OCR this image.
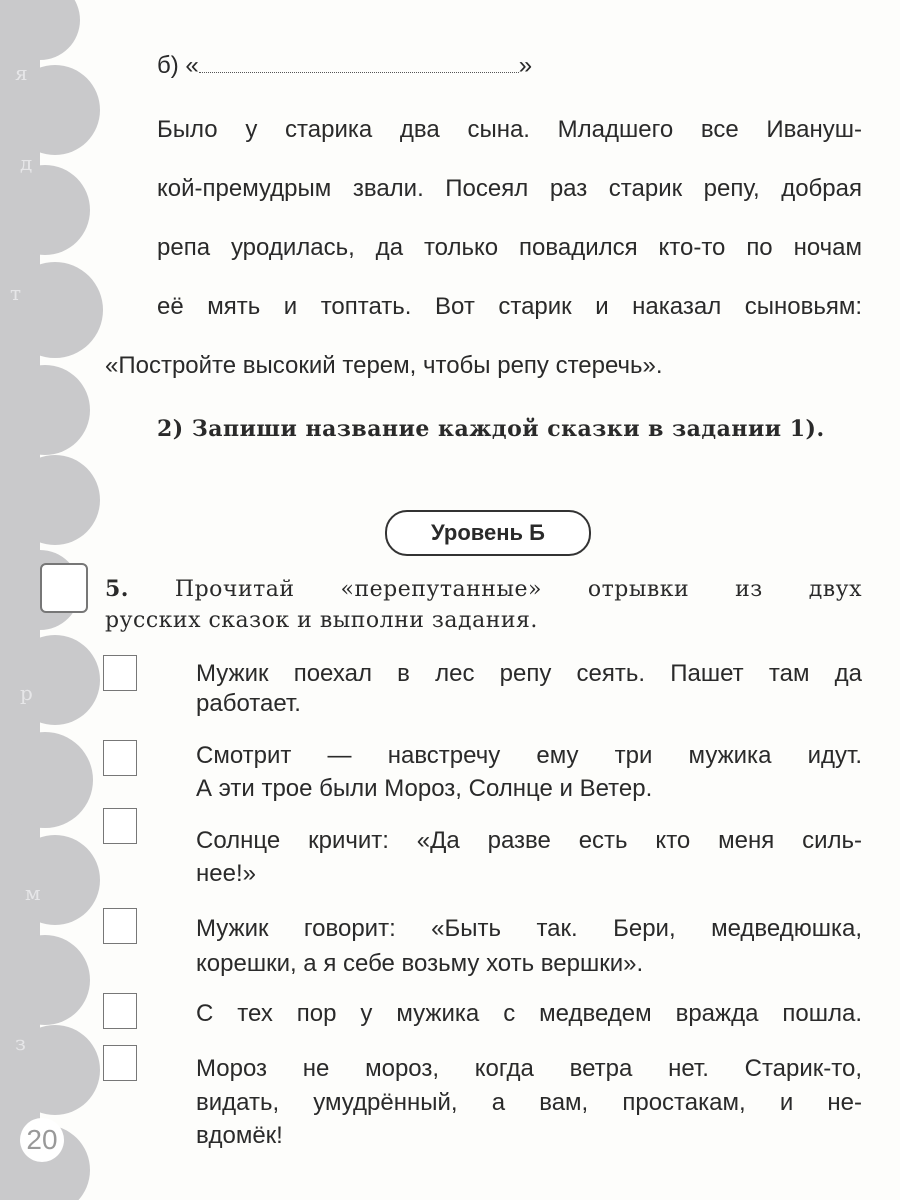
я
д
т
р
м
з
б) «	»
Было у старика два сына. Младшего все Ивануш-
кой-премудрым звали. Посеял раз старик репу, добрая
репа уродилась, да только повадился кто-то по ночам
её мять и топтать. Вот старик и наказал сыновьям:
«Постройте высокий терем, чтобы репу стеречь».
2) Запиши название каждой сказки в задании 1).
Уровень Б
5. Прочитай «перепутанные» отрывки из двух
русских сказок и выполни задания.
Мужик поехал в лес репу сеять. Пашет там да
работает.
Смотрит — навстречу ему три мужика идут.
А эти трое были Мороз, Солнце и Ветер.
Солнце кричит: «Да разве есть кто меня силь-
нее!»
Мужик говорит: «Быть так. Бери, медведюшка,
корешки, а я себе возьму хоть вершки».
С тех пор у мужика с медведем вражда пошла.
Мороз не мороз, когда ветра нет. Старик-то,
видать, умудрённый, а вам, простакам, и не-
вдомёк!
20
